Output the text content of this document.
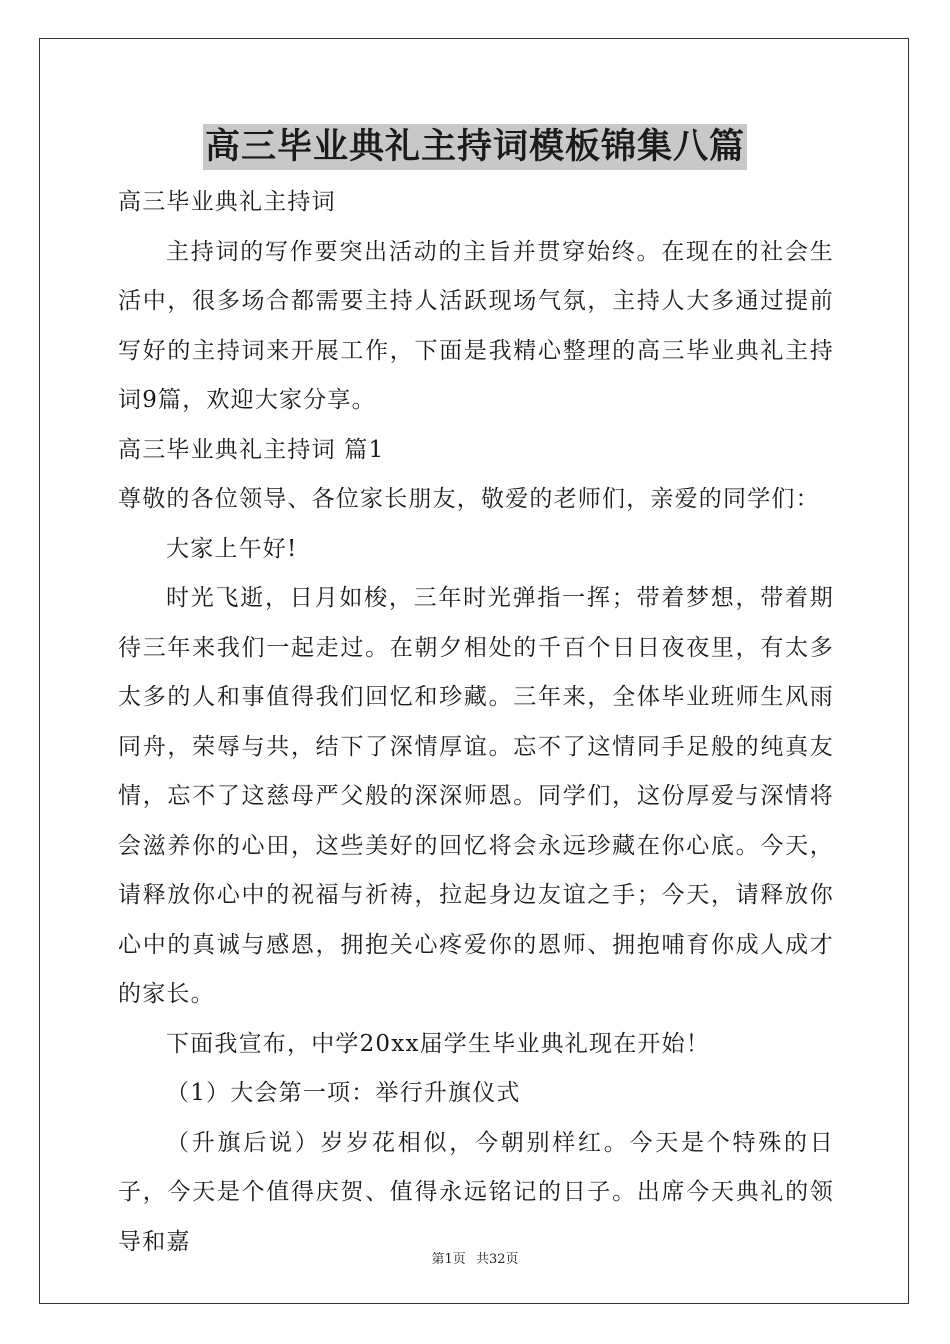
高三毕业典礼主持词模板锦集八篇

高三毕业典礼主持词

主持词的写作要突出活动的主旨并贯穿始终。在现在的社会生活中，很多场合都需要主持人活跃现场气氛，主持人大多通过提前写好的主持词来开展工作，下面是我精心整理的高三毕业典礼主持词9篇，欢迎大家分享。

高三毕业典礼主持词 篇1

尊敬的各位领导、各位家长朋友，敬爱的老师们，亲爱的同学们：

大家上午好!

时光飞逝，日月如梭，三年时光弹指一挥；带着梦想，带着期待三年来我们一起走过。在朝夕相处的千百个日日夜夜里，有太多太多的人和事值得我们回忆和珍藏。三年来，全体毕业班师生风雨同舟，荣辱与共，结下了深情厚谊。忘不了这情同手足般的纯真友情，忘不了这慈母严父般的深深师恩。同学们，这份厚爱与深情将会滋养你的心田，这些美好的回忆将会永远珍藏在你心底。今天，请释放你心中的祝福与祈祷，拉起身边友谊之手；今天，请释放你心中的真诚与感恩，拥抱关心疼爱你的恩师、拥抱哺育你成人成才的家长。

下面我宣布，中学20xx届学生毕业典礼现在开始！

（1）大会第一项：举行升旗仪式

（升旗后说）岁岁花相似，今朝别样红。今天是个特殊的日子，今天是个值得庆贺、值得永远铭记的日子。出席今天典礼的领导和嘉

第1页 共32页
